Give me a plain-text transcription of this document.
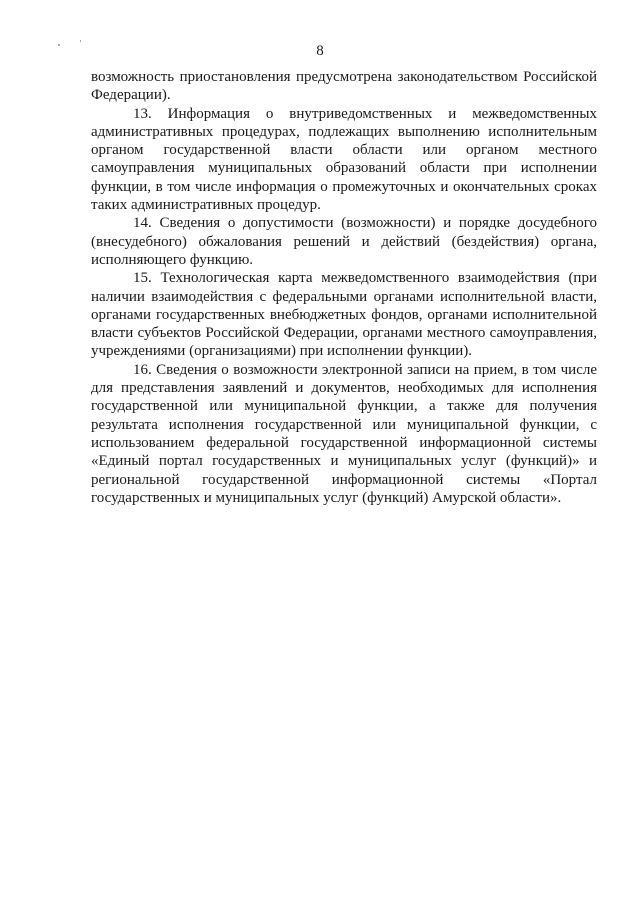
8

возможность приостановления предусмотрена законодательством Российской Федерации).

13. Информация о внутриведомственных и межведомственных административных процедурах, подлежащих выполнению исполнительным органом государственной власти области или органом местного самоуправления муниципальных образований области при исполнении функции, в том числе информация о промежуточных и окончательных сроках таких административных процедур.

14. Сведения о допустимости (возможности) и порядке досудебного (внесудебного) обжалования решений и действий (бездействия) органа, исполняющего функцию.

15. Технологическая карта межведомственного взаимодействия (при наличии взаимодействия с федеральными органами исполнительной власти, органами государственных внебюджетных фондов, органами исполнительной власти субъектов Российской Федерации, органами местного самоуправления, учреждениями (организациями) при исполнении функции).

16. Сведения о возможности электронной записи на прием, в том числе для представления заявлений и документов, необходимых для исполнения государственной или муниципальной функции, а также для получения результата исполнения государственной или муниципальной функции, с использованием федеральной государственной информационной системы «Единый портал государственных и муниципальных услуг (функций)» и региональной государственной информационной системы «Портал государственных и муниципальных услуг (функций) Амурской области».
